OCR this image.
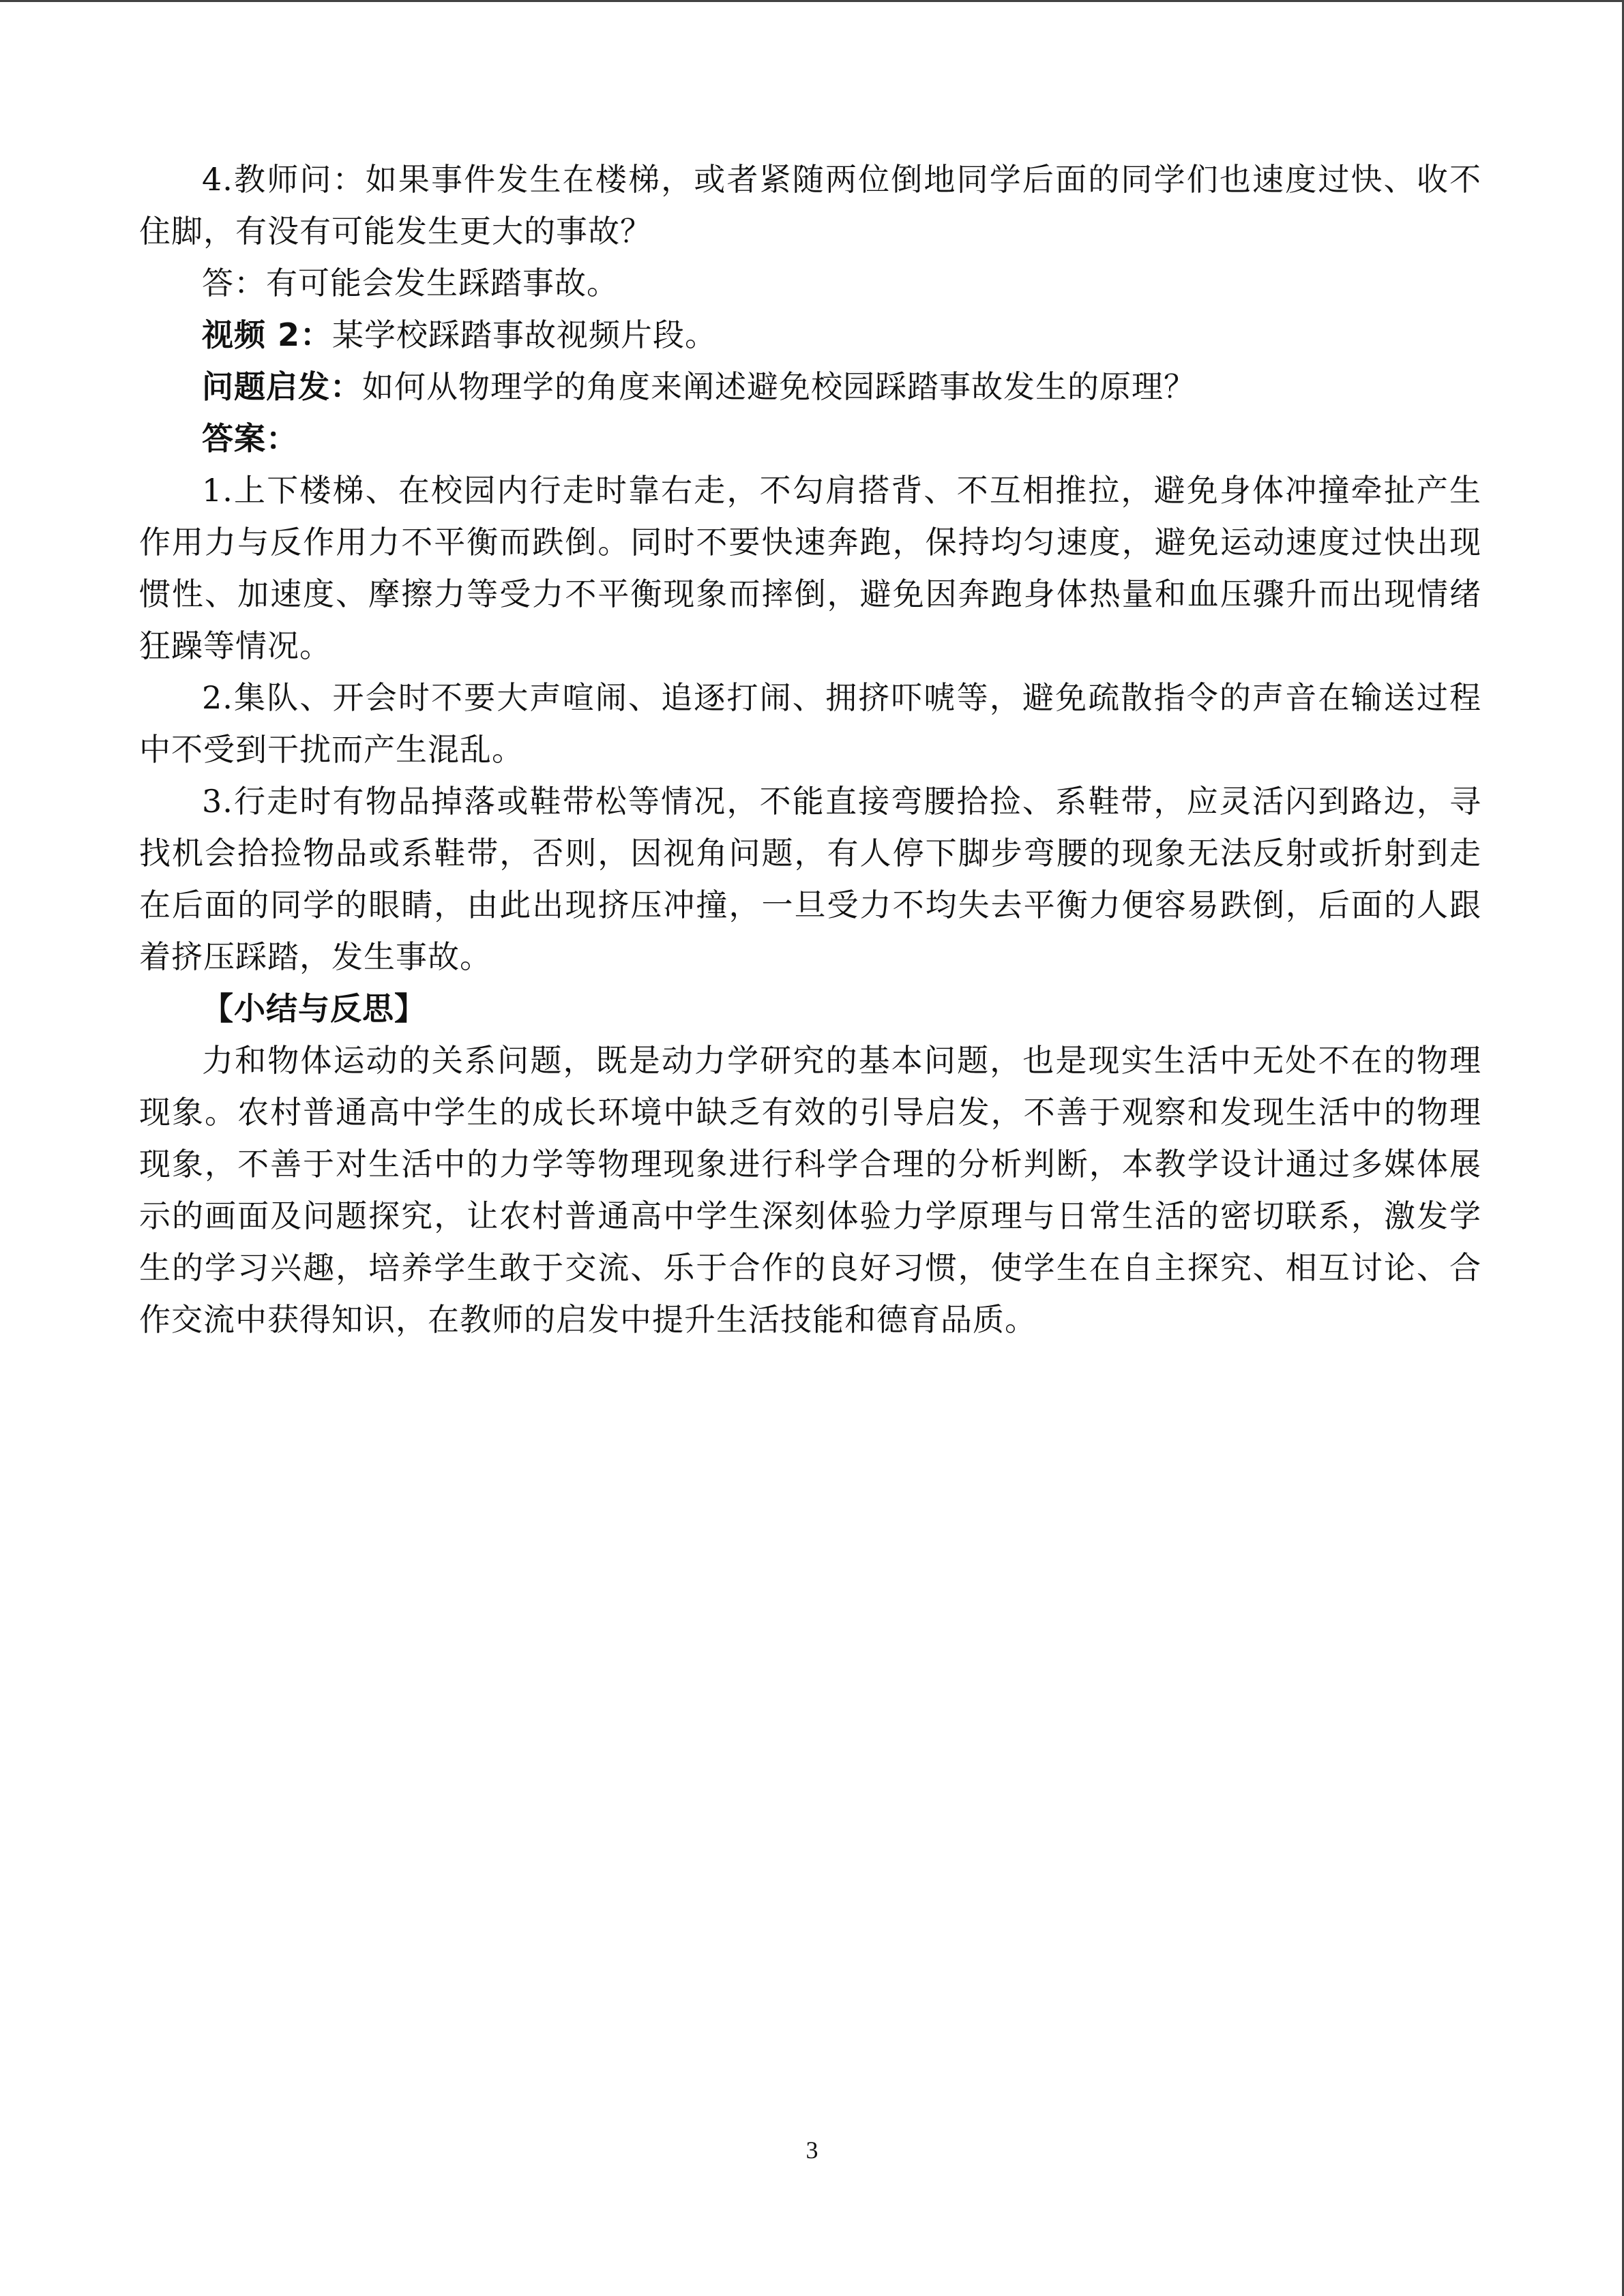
4.教师问：如果事件发生在楼梯，或者紧随两位倒地同学后面的同学们也速度过快、收不住脚，有没有可能发生更大的事故？

答：有可能会发生踩踏事故。

视频 2：某学校踩踏事故视频片段。

问题启发：如何从物理学的角度来阐述避免校园踩踏事故发生的原理？

答案：

1.上下楼梯、在校园内行走时靠右走，不勾肩搭背、不互相推拉，避免身体冲撞牵扯产生作用力与反作用力不平衡而跌倒。同时不要快速奔跑，保持均匀速度，避免运动速度过快出现惯性、加速度、摩擦力等受力不平衡现象而摔倒，避免因奔跑身体热量和血压骤升而出现情绪狂躁等情况。

2.集队、开会时不要大声喧闹、追逐打闹、拥挤吓唬等，避免疏散指令的声音在输送过程中不受到干扰而产生混乱。

3.行走时有物品掉落或鞋带松等情况，不能直接弯腰拾捡、系鞋带，应灵活闪到路边，寻找机会拾捡物品或系鞋带，否则，因视角问题，有人停下脚步弯腰的现象无法反射或折射到走在后面的同学的眼睛，由此出现挤压冲撞，一旦受力不均失去平衡力便容易跌倒，后面的人跟着挤压踩踏，发生事故。

【小结与反思】

力和物体运动的关系问题，既是动力学研究的基本问题，也是现实生活中无处不在的物理现象。农村普通高中学生的成长环境中缺乏有效的引导启发，不善于观察和发现生活中的物理现象，不善于对生活中的力学等物理现象进行科学合理的分析判断，本教学设计通过多媒体展示的画面及问题探究，让农村普通高中学生深刻体验力学原理与日常生活的密切联系，激发学生的学习兴趣，培养学生敢于交流、乐于合作的良好习惯，使学生在自主探究、相互讨论、合作交流中获得知识，在教师的启发中提升生活技能和德育品质。

3
